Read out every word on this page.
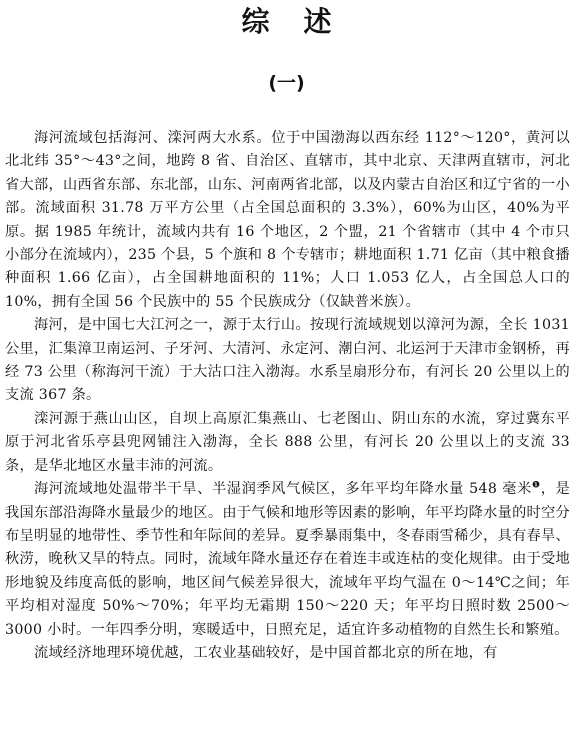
综述
(一)

海河流域包括海河、滦河两大水系。位于中国渤海以西东经 112°～120°，黄河以北北纬 35°～43°之间，地跨 8 省、自治区、直辖市，其中北京、天津两直辖市，河北省大部，山西省东部、东北部，山东、河南两省北部，以及内蒙古自治区和辽宁省的一小部。流域面积 31.78 万平方公里（占全国总面积的 3.3%），60%为山区，40%为平原。据 1985 年统计，流域内共有 16 个地区，2 个盟，21 个省辖市（其中 4 个市只小部分在流域内），235 个县，5 个旗和 8 个专辖市；耕地面积 1.71 亿亩（其中粮食播种面积 1.66 亿亩），占全国耕地面积的 11%；人口 1.053 亿人，占全国总人口的 10%，拥有全国 56 个民族中的 55 个民族成分（仅缺普米族）。

海河，是中国七大江河之一，源于太行山。按现行流域规划以漳河为源，全长 1031 公里，汇集漳卫南运河、子牙河、大清河、永定河、潮白河、北运河于天津市金钢桥，再经 73 公里（称海河干流）于大沽口注入渤海。水系呈扇形分布，有河长 20 公里以上的支流 367 条。

滦河源于燕山山区，自坝上高原汇集燕山、七老图山、阴山东的水流，穿过冀东平原于河北省乐亭县兜网铺注入渤海，全长 888 公里，有河长 20 公里以上的支流 33 条，是华北地区水量丰沛的河流。

海河流域地处温带半干旱、半湿润季风气候区，多年平均年降水量 548 毫米$^❶$，是我国东部沿海降水量最少的地区。由于气候和地形等因素的影响，年平均降水量的时空分布呈明显的地带性、季节性和年际间的差异。夏季暴雨集中，冬春雨雪稀少，具有春旱、秋涝，晚秋又旱的特点。同时，流域年降水量还存在着连丰或连枯的变化规律。由于受地形地貌及纬度高低的影响，地区间气候差异很大，流域年平均气温在 0～14℃之间；年平均相对湿度 50%～70%；年平均无霜期 150～220 天；年平均日照时数 2500～3000 小时。一年四季分明，寒暖适中，日照充足，适宜许多动植物的自然生长和繁殖。

流域经济地理环境优越，工农业基础较好，是中国首都北京的所在地，有
